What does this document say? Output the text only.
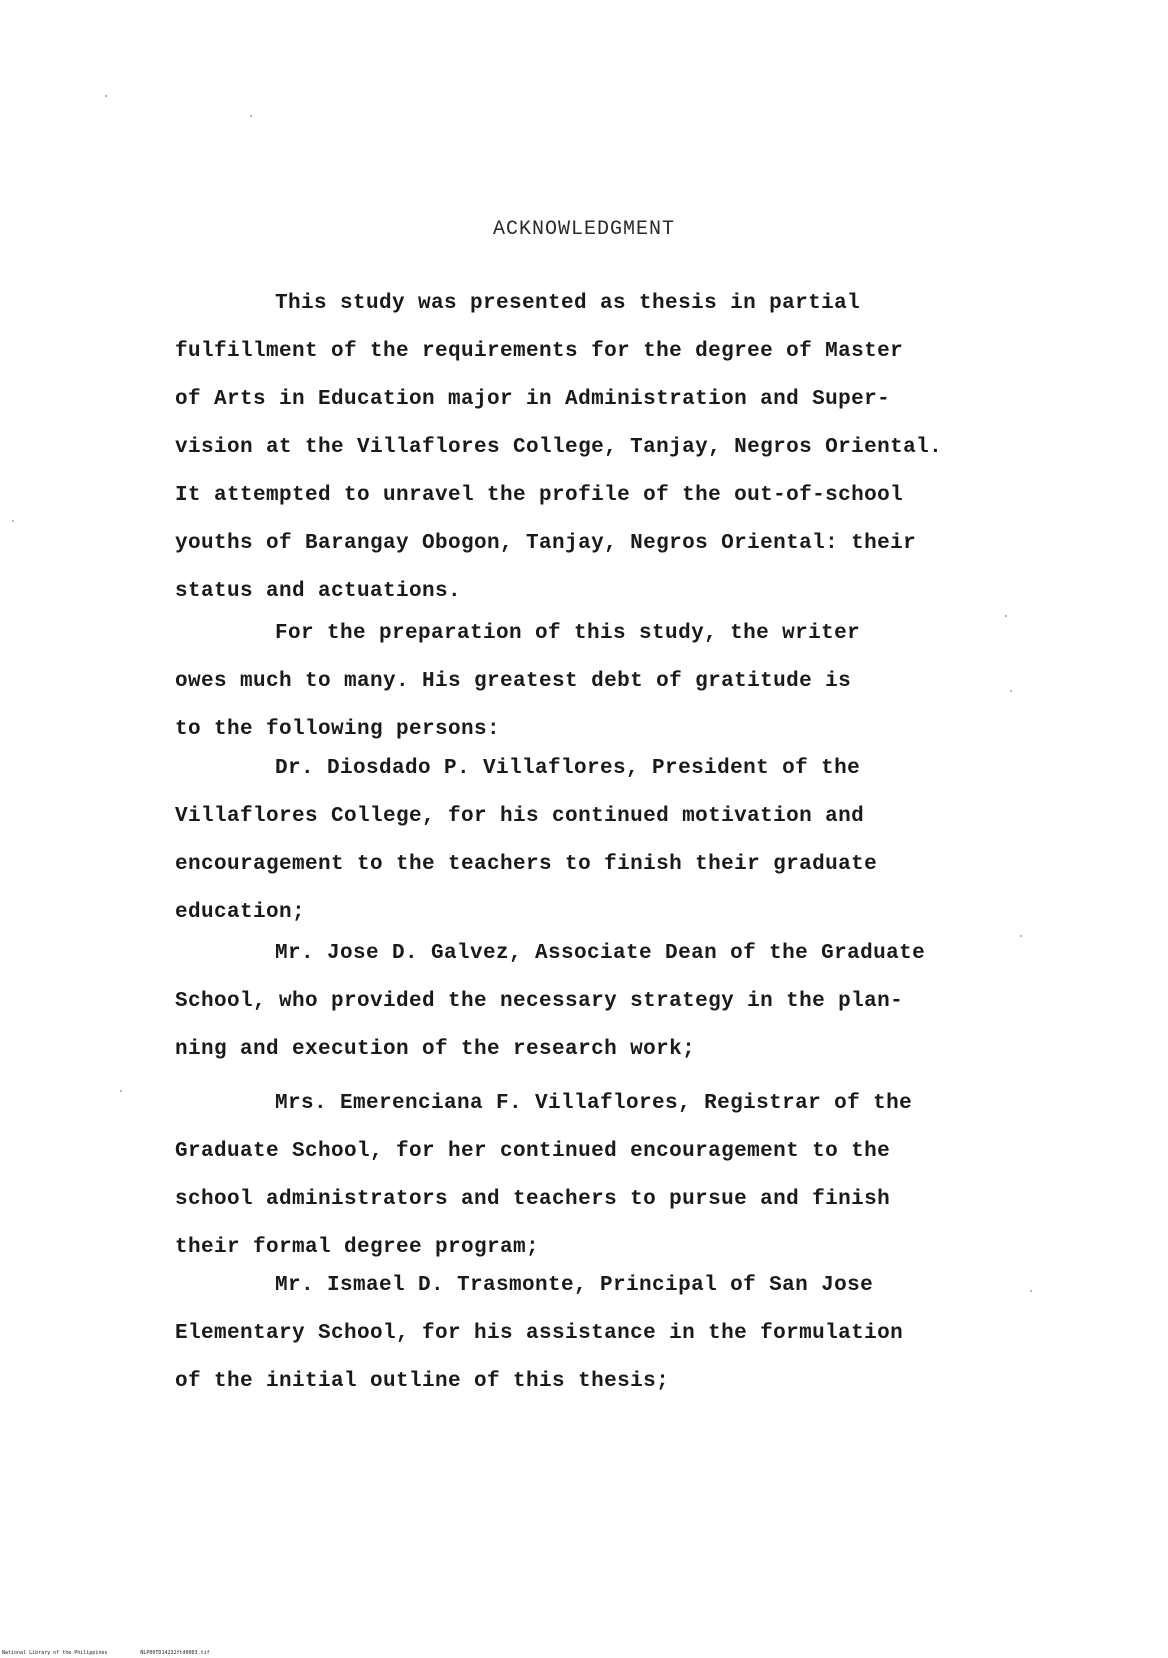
ACKNOWLEDGMENT
This study was presented as thesis in partial
fulfillment of the requirements for the degree of Master
of Arts in Education major in Administration and Super-
vision at the Villaflores College, Tanjay, Negros Oriental.
It attempted to unravel the profile of the out-of-school
youths of Barangay Obogon, Tanjay, Negros Oriental: their
status and actuations.
For the preparation of this study, the writer
owes much to many. His greatest debt of gratitude is
to the following persons:
Dr. Diosdado P. Villaflores, President of the
Villaflores College, for his continued motivation and
encouragement to the teachers to finish their graduate
education;
Mr. Jose D. Galvez, Associate Dean of the Graduate
School, who provided the necessary strategy in the plan-
ning and execution of the research work;
Mrs. Emerenciana F. Villaflores, Registrar of the
Graduate School, for her continued encouragement to the
school administrators and teachers to pursue and finish
their formal degree program;
Mr. Ismael D. Trasmonte, Principal of San Jose
Elementary School, for his assistance in the formulation
of the initial outline of this thesis;
National Library of the Philippines	NLP00TD14232ftd0003.tif
